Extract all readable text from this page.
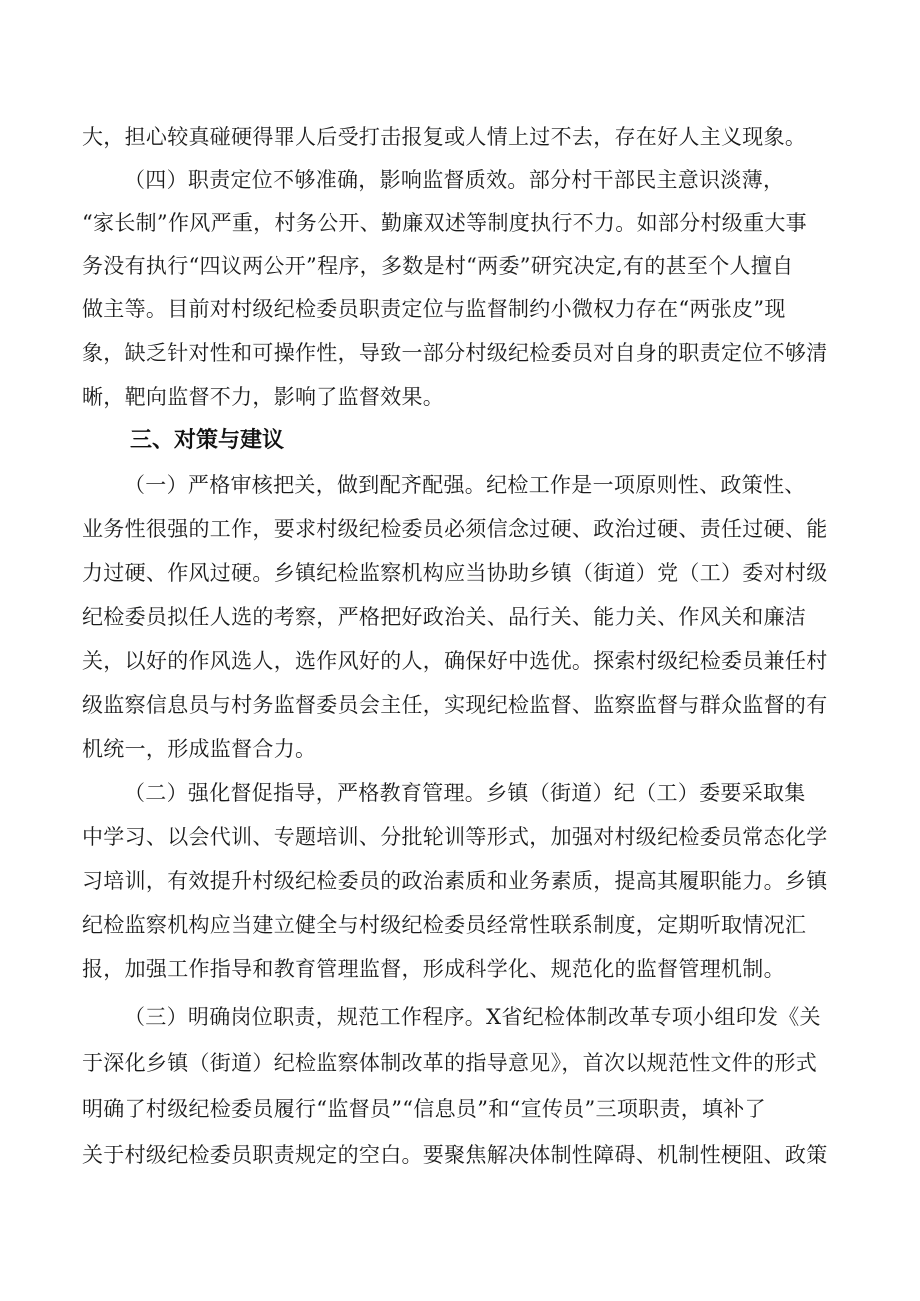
大，担心较真碰硬得罪人后受打击报复或人情上过不去，存在好人主义现象。
（四）职责定位不够准确，影响监督质效。部分村干部民主意识淡薄，
“家长制”作风严重，村务公开、勤廉双述等制度执行不力。如部分村级重大事
务没有执行“四议两公开”程序，多数是村“两委”研究决定,有的甚至个人擅自
做主等。目前对村级纪检委员职责定位与监督制约小微权力存在“两张皮”现
象，缺乏针对性和可操作性，导致一部分村级纪检委员对自身的职责定位不够清
晰，靶向监督不力，影响了监督效果。
三、对策与建议
（一）严格审核把关，做到配齐配强。纪检工作是一项原则性、政策性、
业务性很强的工作，要求村级纪检委员必须信念过硬、政治过硬、责任过硬、能
力过硬、作风过硬。乡镇纪检监察机构应当协助乡镇（街道）党（工）委对村级
纪检委员拟任人选的考察，严格把好政治关、品行关、能力关、作风关和廉洁
关，以好的作风选人，选作风好的人，确保好中选优。探索村级纪检委员兼任村
级监察信息员与村务监督委员会主任，实现纪检监督、监察监督与群众监督的有
机统一，形成监督合力。
（二）强化督促指导，严格教育管理。乡镇（街道）纪（工）委要采取集
中学习、以会代训、专题培训、分批轮训等形式，加强对村级纪检委员常态化学
习培训，有效提升村级纪检委员的政治素质和业务素质，提高其履职能力。乡镇
纪检监察机构应当建立健全与村级纪检委员经常性联系制度，定期听取情况汇
报，加强工作指导和教育管理监督，形成科学化、规范化的监督管理机制。
（三）明确岗位职责，规范工作程序。X省纪检体制改革专项小组印发《关
于深化乡镇（街道）纪检监察体制改革的指导意见》，首次以规范性文件的形式
明确了村级纪检委员履行“监督员”“信息员”和“宣传员”三项职责，填补了
关于村级纪检委员职责规定的空白。要聚焦解决体制性障碍、机制性梗阻、政策
